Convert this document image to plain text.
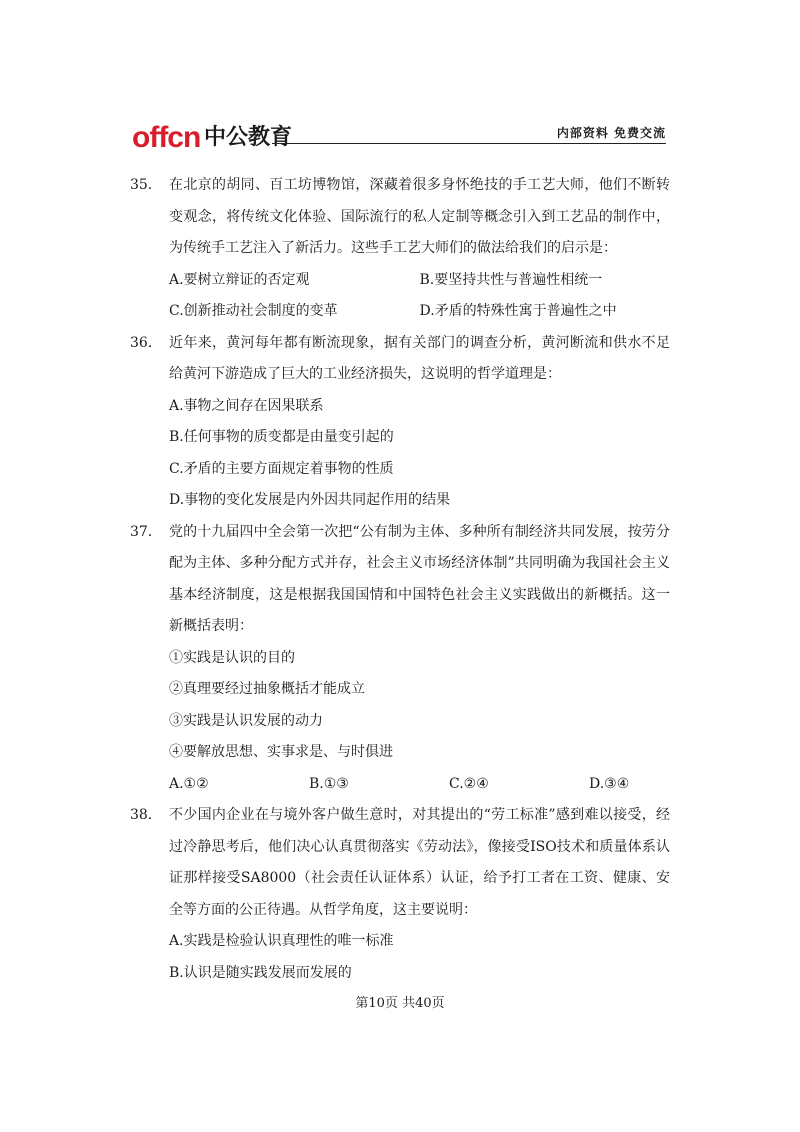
offcn 中公教育	内部资料 免费交流
35． 在北京的胡同、百工坊博物馆，深藏着很多身怀绝技的手工艺大师，他们不断转变观念，将传统文化体验、国际流行的私人定制等概念引入到工艺品的制作中，为传统手工艺注入了新活力。这些手工艺大师们的做法给我们的启示是：
A.要树立辩证的否定观	B.要坚持共性与普遍性相统一
C.创新推动社会制度的变革	D.矛盾的特殊性寓于普遍性之中
36． 近年来，黄河每年都有断流现象，据有关部门的调查分析，黄河断流和供水不足给黄河下游造成了巨大的工业经济损失，这说明的哲学道理是：
A.事物之间存在因果联系
B.任何事物的质变都是由量变引起的
C.矛盾的主要方面规定着事物的性质
D.事物的变化发展是内外因共同起作用的结果
37． 党的十九届四中全会第一次把“公有制为主体、多种所有制经济共同发展，按劳分配为主体、多种分配方式并存，社会主义市场经济体制”共同明确为我国社会主义基本经济制度，这是根据我国国情和中国特色社会主义实践做出的新概括。这一新概括表明：
①实践是认识的目的
②真理要经过抽象概括才能成立
③实践是认识发展的动力
④要解放思想、实事求是、与时俱进
A.①②	B.①③	C.②④	D.③④
38． 不少国内企业在与境外客户做生意时，对其提出的“劳工标准”感到难以接受，经过冷静思考后，他们决心认真贯彻落实《劳动法》，像接受ISO技术和质量体系认证那样接受SA8000（社会责任认证体系）认证，给予打工者在工资、健康、安全等方面的公正待遇。从哲学角度，这主要说明：
A.实践是检验认识真理性的唯一标准
B.认识是随实践发展而发展的
第10页 共40页
